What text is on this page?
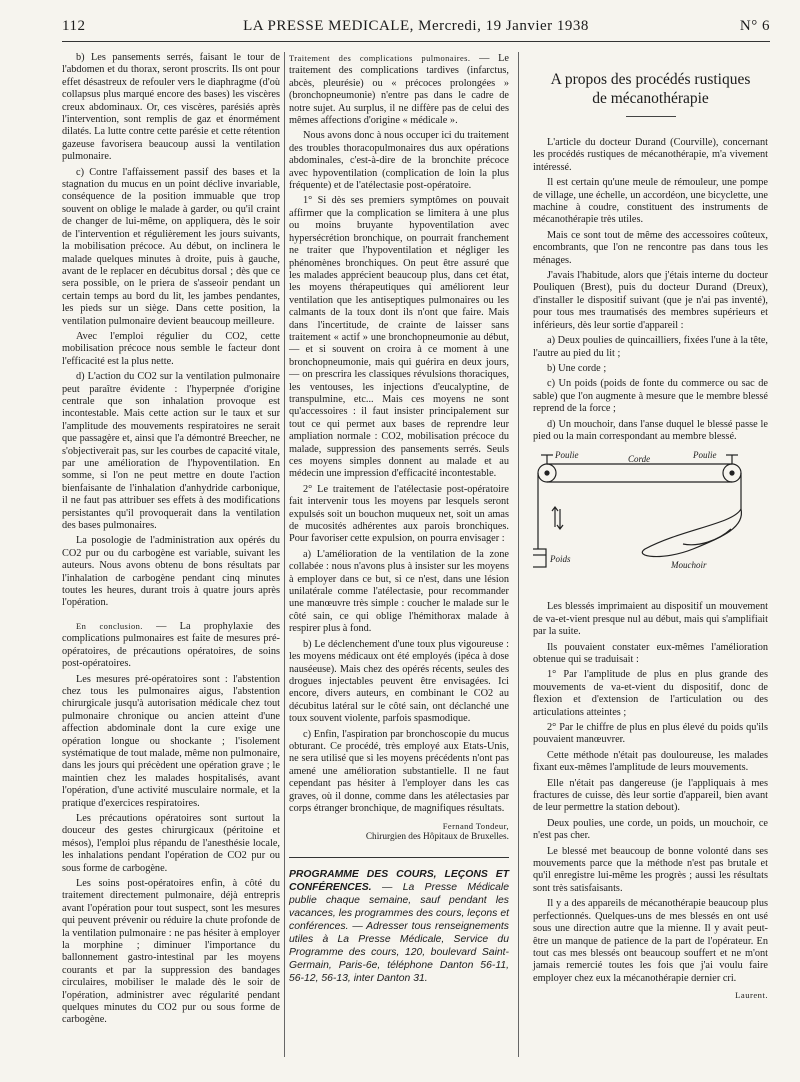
112	LA PRESSE MEDICALE, Mercredi, 19 Janvier 1938	N° 6

b) Les pansements serrés, faisant le tour de l'abdomen et du thorax, seront proscrits. Ils ont pour effet désastreux de refouler vers le diaphragme (d'où collapsus plus marqué encore des bases) les viscères creux abdominaux. Or, ces viscères, parésiés après l'intervention, sont remplis de gaz et énormément dilatés. La lutte contre cette parésie et cette rétention gazeuse favorisera beaucoup aussi la ventilation pulmonaire.

c) Contre l'affaissement passif des bases et la stagnation du mucus en un point déclive invariable, conséquence de la position immuable que trop souvent on oblige le malade à garder, ou qu'il craint de changer de lui-même, on appliquera, dès le soir de l'intervention et régulièrement les jours suivants, la mobilisation précoce. Au début, on inclinera le malade quelques minutes à droite, puis à gauche, avant de le replacer en décubitus dorsal ; dès que ce sera possible, on le priera de s'asseoir pendant un certain temps au bord du lit, les jambes pendantes, les pieds sur un siège. Dans cette position, la ventilation pulmonaire devient beaucoup meilleure.

Avec l'emploi régulier du CO2, cette mobilisation précoce nous semble le facteur dont l'efficacité est la plus nette.

d) L'action du CO2 sur la ventilation pulmonaire peut paraître évidente : l'hyperpnée d'origine centrale que son inhalation provoque est incontestable. Mais cette action sur le taux et sur l'amplitude des mouvements respiratoires ne serait que passagère et, ainsi que l'a démontré Breecher, ne s'objectiverait pas, sur les courbes de capacité vitale, par une amélioration de l'hypoventilation. En somme, si l'on ne peut mettre en doute l'action bienfaisante de l'inhalation d'anhydride carbonique, il ne faut pas attribuer ses effets à des modifications persistantes qu'il provoquerait dans la ventilation des bases pulmonaires.

La posologie de l'administration aux opérés du CO2 pur ou du carbogène est variable, suivant les auteurs. Nous avons obtenu de bons résultats par l'inhalation de carbogène pendant cinq minutes toutes les heures, durant trois à quatre jours après l'opération.

En conclusion. — La prophylaxie des complications pulmonaires est faite de mesures pré-opératoires, de précautions opératoires, de soins post-opératoires.

Les mesures pré-opératoires sont : l'abstention chez tous les pulmonaires aigus, l'abstention chirurgicale jusqu'à autorisation médicale chez tout pulmonaire chronique ou ancien atteint d'une affection abdominale dont la cure exige une opération longue ou shockante ; l'isolement systématique de tout malade, même non pulmonaire, dans les jours qui précèdent une opération grave ; le maintien chez les malades hospitalisés, avant l'opération, d'une activité musculaire normale, et la pratique d'exercices respiratoires.

Les précautions opératoires sont surtout la douceur des gestes chirurgicaux (péritoine et mésos), l'emploi plus répandu de l'anesthésie locale, les inhalations pendant l'opération de CO2 pur ou sous forme de carbogène.

Les soins post-opératoires enfin, à côté du traitement directement pulmonaire, déjà entrepris avant l'opération pour tout suspect, sont les mesures qui peuvent prévenir ou réduire la chute profonde de la ventilation pulmonaire : ne pas hésiter à employer la morphine ; diminuer l'importance du ballonnement gastro-intestinal par les moyens courants et par la suppression des bandages circulaires, mobiliser le malade dès le soir de l'opération, administrer avec régularité pendant quelques minutes du CO2 pur ou sous forme de carbogène.

Traitement des complications pulmonaires. — Le traitement des complications tardives (infarctus, abcès, pleurésie) ou « précoces prolongées » (bronchopneumonie) n'entre pas dans le cadre de notre sujet. Au surplus, il ne diffère pas de celui des mêmes affections d'origine « médicale ».

Nous avons donc à nous occuper ici du traitement des troubles thoracopulmonaires dus aux opérations abdominales, c'est-à-dire de la bronchite précoce avec hypoventilation (complication de loin la plus fréquente) et de l'atélectasie post-opératoire.

1° Si dès ses premiers symptômes on pouvait affirmer que la complication se limitera à une plus ou moins bruyante hypoventilation avec hypersécrétion bronchique, on pourrait franchement ne traiter que l'hypoventilation et négliger les phénomènes bronchiques. On peut être assuré que les malades apprécient beaucoup plus, dans cet état, les moyens thérapeutiques qui améliorent leur ventilation que les antiseptiques pulmonaires ou les calmants de la toux dont ils n'ont que faire. Mais dans l'incertitude, de crainte de laisser sans traitement « actif » une bronchopneumonie au début, — et si souvent on croira à ce moment à une bronchopneumonie, mais qui guérira en deux jours, — on prescrira les classiques révulsions thoraciques, les ventouses, les injections d'eucalyptine, de transpulmine, etc... Mais ces moyens ne sont qu'accessoires : il faut insister principalement sur tout ce qui permet aux bases de reprendre leur ampliation normale : CO2, mobilisation précoce du malade, suppression des pansements serrés. Seuls ces moyens simples donnent au malade et au médecin une impression d'efficacité incontestable.

2° Le traitement de l'atélectasie post-opératoire fait intervenir tous les moyens par lesquels seront expulsés soit un bouchon muqueux net, soit un amas de mucosités adhérentes aux parois bronchiques. Pour favoriser cette expulsion, on pourra envisager :

a) L'amélioration de la ventilation de la zone collabée : nous n'avons plus à insister sur les moyens à employer dans ce but, si ce n'est, dans une lésion unilatérale comme l'atélectasie, pour recommander une manœuvre très simple : coucher le malade sur le côté sain, ce qui oblige l'hémithorax malade à respirer plus à fond.

b) Le déclenchement d'une toux plus vigoureuse : les moyens médicaux ont été employés (ipéca à dose nauséeuse). Mais chez des opérés récents, seules des drogues injectables peuvent être envisagées. Ici encore, divers auteurs, en combinant le CO2 au décubitus latéral sur le côté sain, ont déclanché une toux souvent violente, parfois spasmodique.

c) Enfin, l'aspiration par bronchoscopie du mucus obturant. Ce procédé, très employé aux Etats-Unis, ne sera utilisé que si les moyens précédents n'ont pas amené une amélioration substantielle. Il ne faut cependant pas hésiter à l'employer dans les cas graves, où il donne, comme dans les atélectasies par corps étranger bronchique, de magnifiques résultats.

Fernand Tondeur,
Chirurgien des Hôpitaux de Bruxelles.
PROGRAMME DES COURS, LEÇONS ET CONFÉRENCES. — La Presse Médicale publie chaque semaine, sauf pendant les vacances, les programmes des cours, leçons et conférences. — Adresser tous renseignements utiles à La Presse Médicale, Service du Programme des cours, 120, boulevard Saint-Germain, Paris-6e, téléphone Danton 56-11, 56-12, 56-13, inter Danton 31.
A propos des procédés rustiques
de mécanothérapie

L'article du docteur Durand (Courville), concernant les procédés rustiques de mécanothérapie, m'a vivement intéressé.

Il est certain qu'une meule de rémouleur, une pompe de village, une échelle, un accordéon, une bicyclette, une machine à coudre, constituent des instruments de mécanothérapie très utiles.

Mais ce sont tout de même des accessoires coûteux, encombrants, que l'on ne rencontre pas dans tous les ménages.

J'avais l'habitude, alors que j'étais interne du docteur Pouliquen (Brest), puis du docteur Durand (Dreux), d'installer le dispositif suivant (que je n'ai pas inventé), pour tous mes traumatisés des membres supérieurs et inférieurs, dès leur sortie d'appareil :

a) Deux poulies de quincailliers, fixées l'une à la tête, l'autre au pied du lit ;

b) Une corde ;

c) Un poids (poids de fonte du commerce ou sac de sable) que l'on augmente à mesure que le membre blessé reprend de la force ;

d) Un mouchoir, dans l'anse duquel le blessé passe le pied ou la main correspondant au membre blessé.

Poulie	Corde	Poulie
Poids
Mouchoir

Les blessés imprimaient au dispositif un mouvement de va-et-vient presque nul au début, mais qui s'amplifiait par la suite.

Ils pouvaient constater eux-mêmes l'amélioration obtenue qui se traduisait :

1° Par l'amplitude de plus en plus grande des mouvements de va-et-vient du dispositif, donc de flexion et d'extension de l'articulation ou des articulations atteintes ;

2° Par le chiffre de plus en plus élevé du poids qu'ils pouvaient manœuvrer.

Cette méthode n'était pas douloureuse, les malades fixant eux-mêmes l'amplitude de leurs mouvements.

Elle n'était pas dangereuse (je l'appliquais à mes fractures de cuisse, dès leur sortie d'appareil, bien avant de leur permettre la station debout).

Deux poulies, une corde, un poids, un mouchoir, ce n'est pas cher.

Le blessé met beaucoup de bonne volonté dans ses mouvements parce que la méthode n'est pas brutale et qu'il enregistre lui-même les progrès ; aussi les résultats sont très satisfaisants.

Il y a des appareils de mécanothérapie beaucoup plus perfectionnés. Quelques-uns de mes blessés en ont usé sous une direction autre que la mienne. Il y avait peut-être un manque de patience de la part de l'opérateur. En tout cas mes blessés ont beaucoup souffert et ne m'ont jamais remercié toutes les fois que j'ai voulu faire employer chez eux la mécanothérapie dernier cri.

Laurent.
